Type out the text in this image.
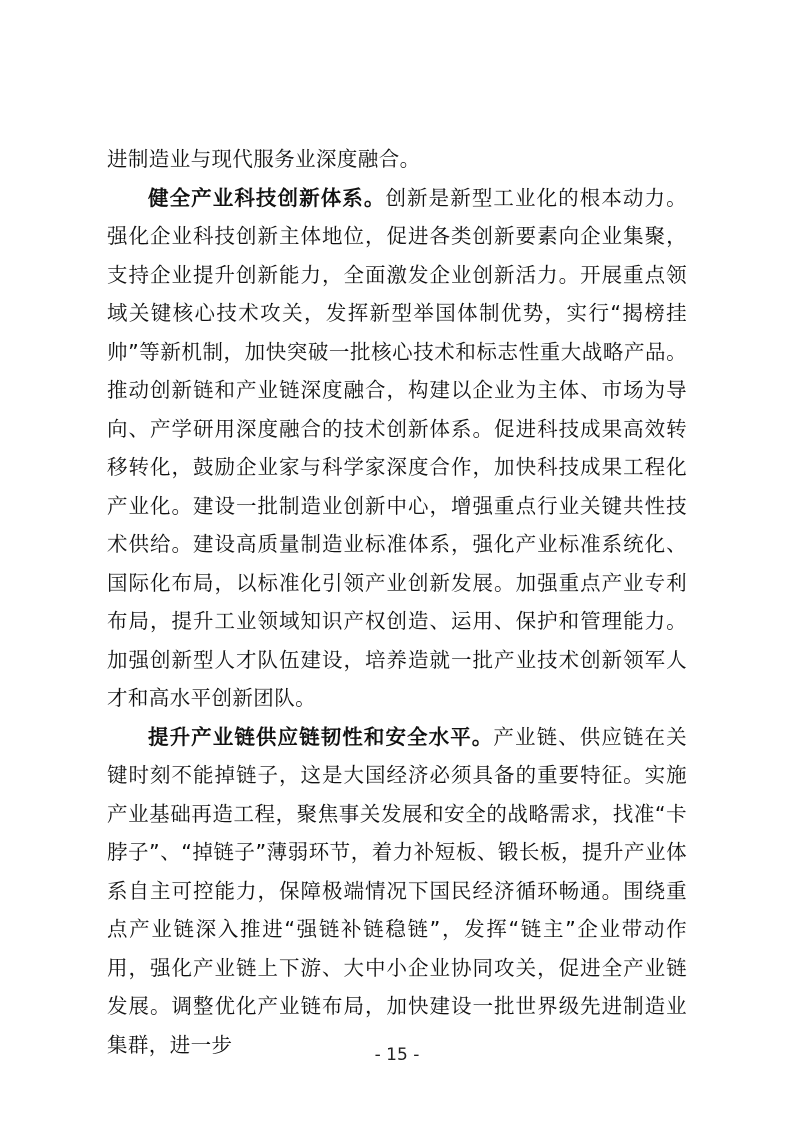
进制造业与现代服务业深度融合。

健全产业科技创新体系。创新是新型工业化的根本动力。强化企业科技创新主体地位，促进各类创新要素向企业集聚，支持企业提升创新能力，全面激发企业创新活力。开展重点领域关键核心技术攻关，发挥新型举国体制优势，实行“揭榜挂帅”等新机制，加快突破一批核心技术和标志性重大战略产品。推动创新链和产业链深度融合，构建以企业为主体、市场为导向、产学研用深度融合的技术创新体系。促进科技成果高效转移转化，鼓励企业家与科学家深度合作，加快科技成果工程化产业化。建设一批制造业创新中心，增强重点行业关键共性技术供给。建设高质量制造业标准体系，强化产业标准系统化、国际化布局，以标准化引领产业创新发展。加强重点产业专利布局，提升工业领域知识产权创造、运用、保护和管理能力。加强创新型人才队伍建设，培养造就一批产业技术创新领军人才和高水平创新团队。

提升产业链供应链韧性和安全水平。产业链、供应链在关键时刻不能掉链子，这是大国经济必须具备的重要特征。实施产业基础再造工程，聚焦事关发展和安全的战略需求，找准“卡脖子”、“掉链子”薄弱环节，着力补短板、锻长板，提升产业体系自主可控能力，保障极端情况下国民经济循环畅通。围绕重点产业链深入推进“强链补链稳链”，发挥“链主”企业带动作用，强化产业链上下游、大中小企业协同攻关，促进全产业链发展。调整优化产业链布局，加快建设一批世界级先进制造业集群，进一步	- 15 -
